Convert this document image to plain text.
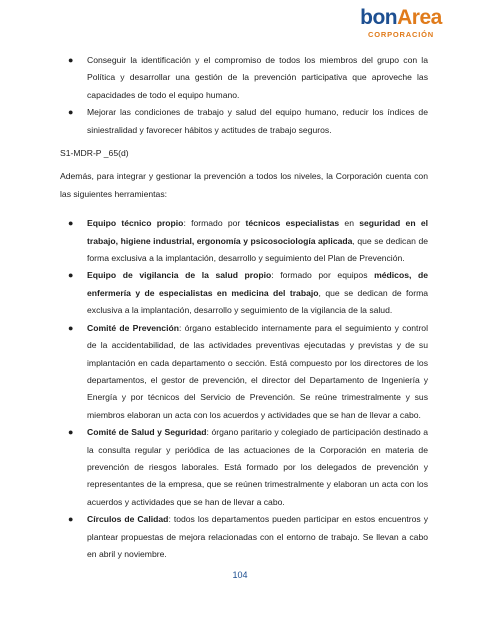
bonArea
CORPORACIÓN
● Conseguir la identificación y el compromiso de todos los miembros del grupo con la Política y desarrollar una gestión de la prevención participativa que aproveche las capacidades de todo el equipo humano.
● Mejorar las condiciones de trabajo y salud del equipo humano, reducir los índices de siniestralidad y favorecer hábitos y actitudes de trabajo seguros.

S1-MDR-P _65(d)

Además, para integrar y gestionar la prevención a todos los niveles, la Corporación cuenta con las siguientes herramientas:

● Equipo técnico propio: formado por técnicos especialistas en seguridad en el trabajo, higiene industrial, ergonomía y psicosociología aplicada, que se dedican de forma exclusiva a la implantación, desarrollo y seguimiento del Plan de Prevención.
● Equipo de vigilancia de la salud propio: formado por equipos médicos, de enfermería y de especialistas en medicina del trabajo, que se dedican de forma exclusiva a la implantación, desarrollo y seguimiento de la vigilancia de la salud.
● Comité de Prevención: órgano establecido internamente para el seguimiento y control de la accidentabilidad, de las actividades preventivas ejecutadas y previstas y de su implantación en cada departamento o sección. Está compuesto por los directores de los departamentos, el gestor de prevención, el director del Departamento de Ingeniería y Energía y por técnicos del Servicio de Prevención. Se reúne trimestralmente y sus miembros elaboran un acta con los acuerdos y actividades que se han de llevar a cabo.
● Comité de Salud y Seguridad: órgano paritario y colegiado de participación destinado a la consulta regular y periódica de las actuaciones de la Corporación en materia de prevención de riesgos laborales. Está formado por los delegados de prevención y representantes de la empresa, que se reúnen trimestralmente y elaboran un acta con los acuerdos y actividades que se han de llevar a cabo.
● Círculos de Calidad: todos los departamentos pueden participar en estos encuentros y plantear propuestas de mejora relacionadas con el entorno de trabajo. Se llevan a cabo en abril y noviembre.
104
